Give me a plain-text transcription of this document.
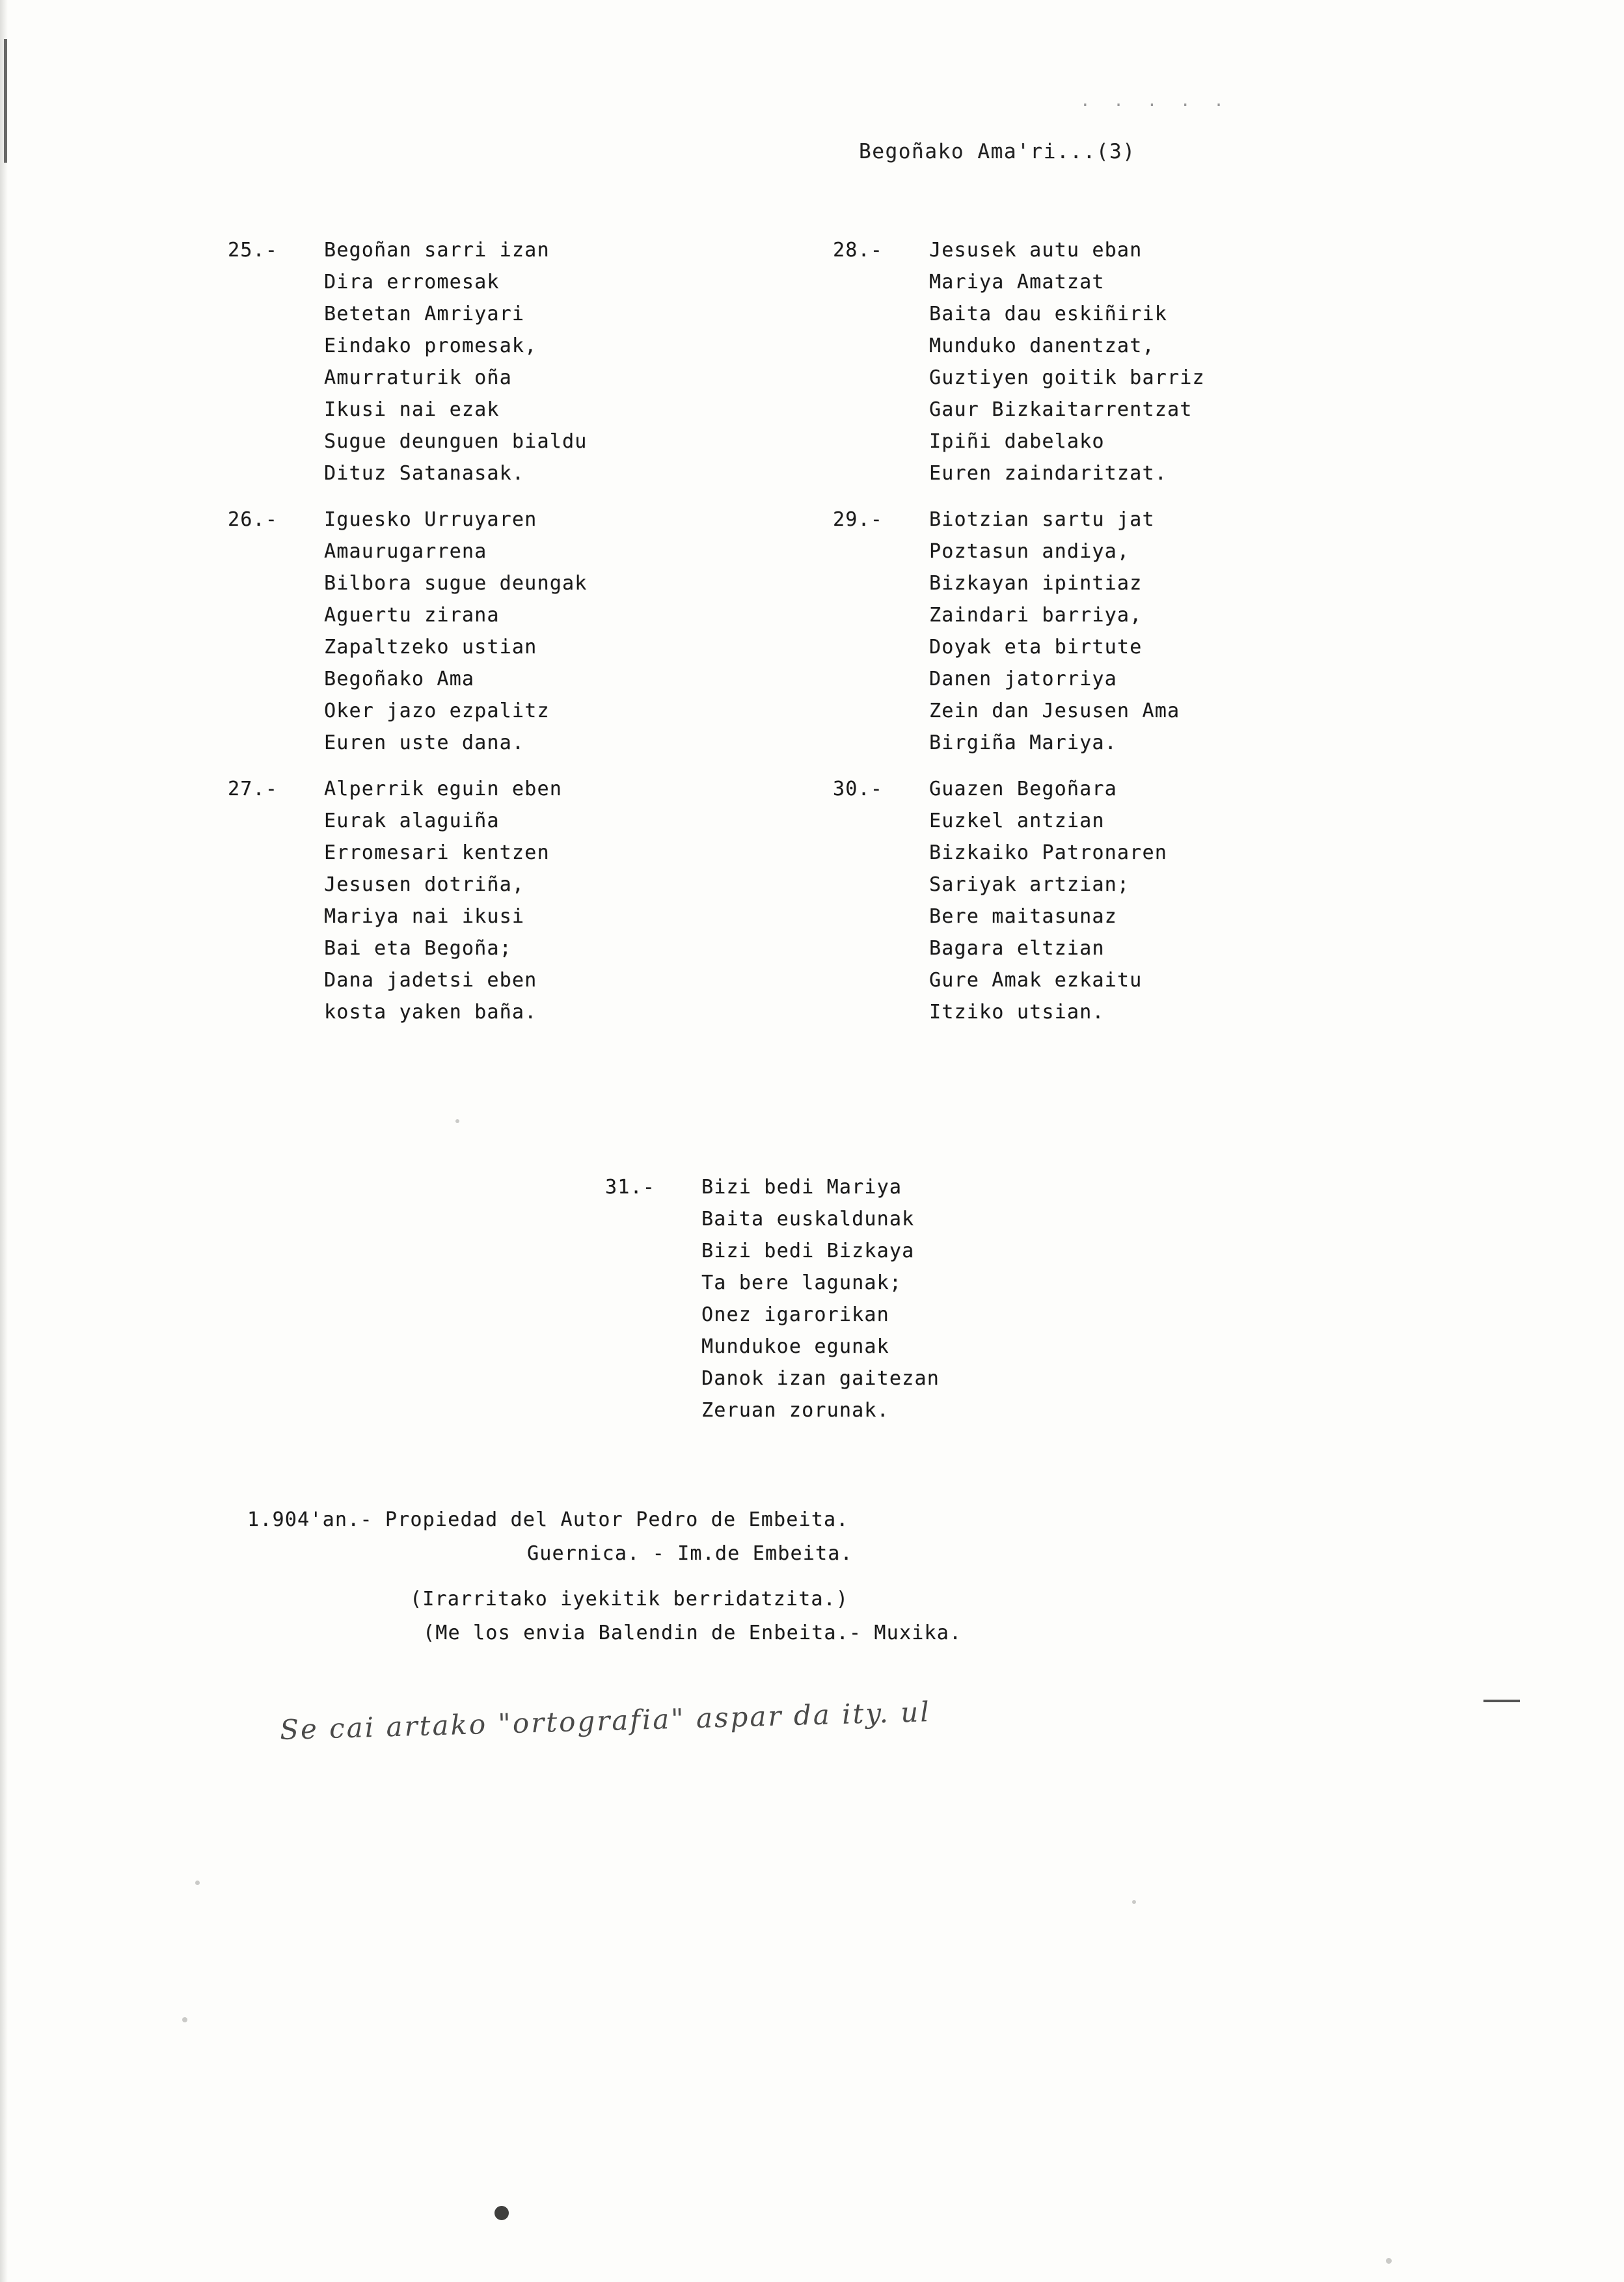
. . . . .
Begoñako Ama'ri...(3)
25.- Begoñan sarri izan
Dira erromesak
Betetan Amriyari
Eindako promesak,
Amurraturik oña
Ikusi nai ezak
Sugue deunguen bialdu
Dituz Satanasak.
26.- Iguesko Urruyaren
Amaurugarrena
Bilbora sugue deungak
Aguertu zirana
Zapaltzeko ustian
Begoñako Ama
Oker jazo ezpalitz
Euren uste dana.
27.- Alperrik eguin eben
Eurak alaguiña
Erromesari kentzen
Jesusen dotriña,
Mariya nai ikusi
Bai eta Begoña;
Dana jadetsi eben
kosta yaken baña.
28.- Jesusek autu eban
Mariya Amatzat
Baita dau eskiñirik
Munduko danentzat,
Guztiyen goitik barriz
Gaur Bizkaitarrentzat
Ipiñi dabelako
Euren zaindaritzat.
29.- Biotzian sartu jat
Poztasun andiya,
Bizkayan ipintiaz
Zaindari barriya,
Doyak eta birtute
Danen jatorriya
Zein dan Jesusen Ama
Birgiña Mariya.
30.- Guazen Begoñara
Euzkel antzian
Bizkaiko Patronaren
Sariyak artzian;
Bere maitasunaz
Bagara eltzian
Gure Amak ezkaitu
Itziko utsian.
31.- Bizi bedi Mariya
Baita euskaldunak
Bizi bedi Bizkaya
Ta bere lagunak;
Onez igarorikan
Mundukoe egunak
Danok izan gaitezan
Zeruan zorunak.
1.904'an.- Propiedad del Autor Pedro de Embeita.
Guernica. - Im.de Embeita.
(Irarritako iyekitik berridatzita.)
(Me los envia Balendin de Enbeita.- Muxika.
Se cai artako "ortografia" aspar da ity. ul
